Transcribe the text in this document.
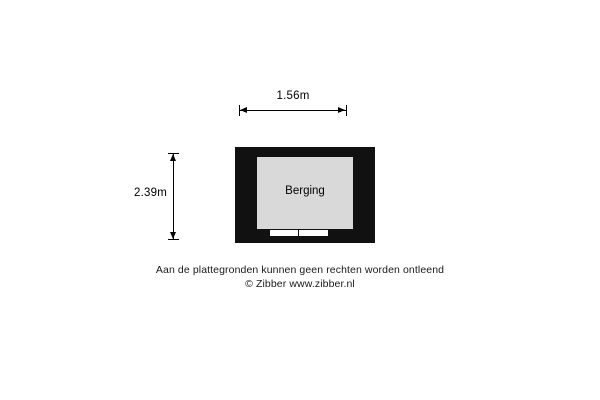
1.56m
2.39m	Berging
Aan de plattegronden kunnen geen rechten worden ontleend
© Zibber www.zibber.nl
